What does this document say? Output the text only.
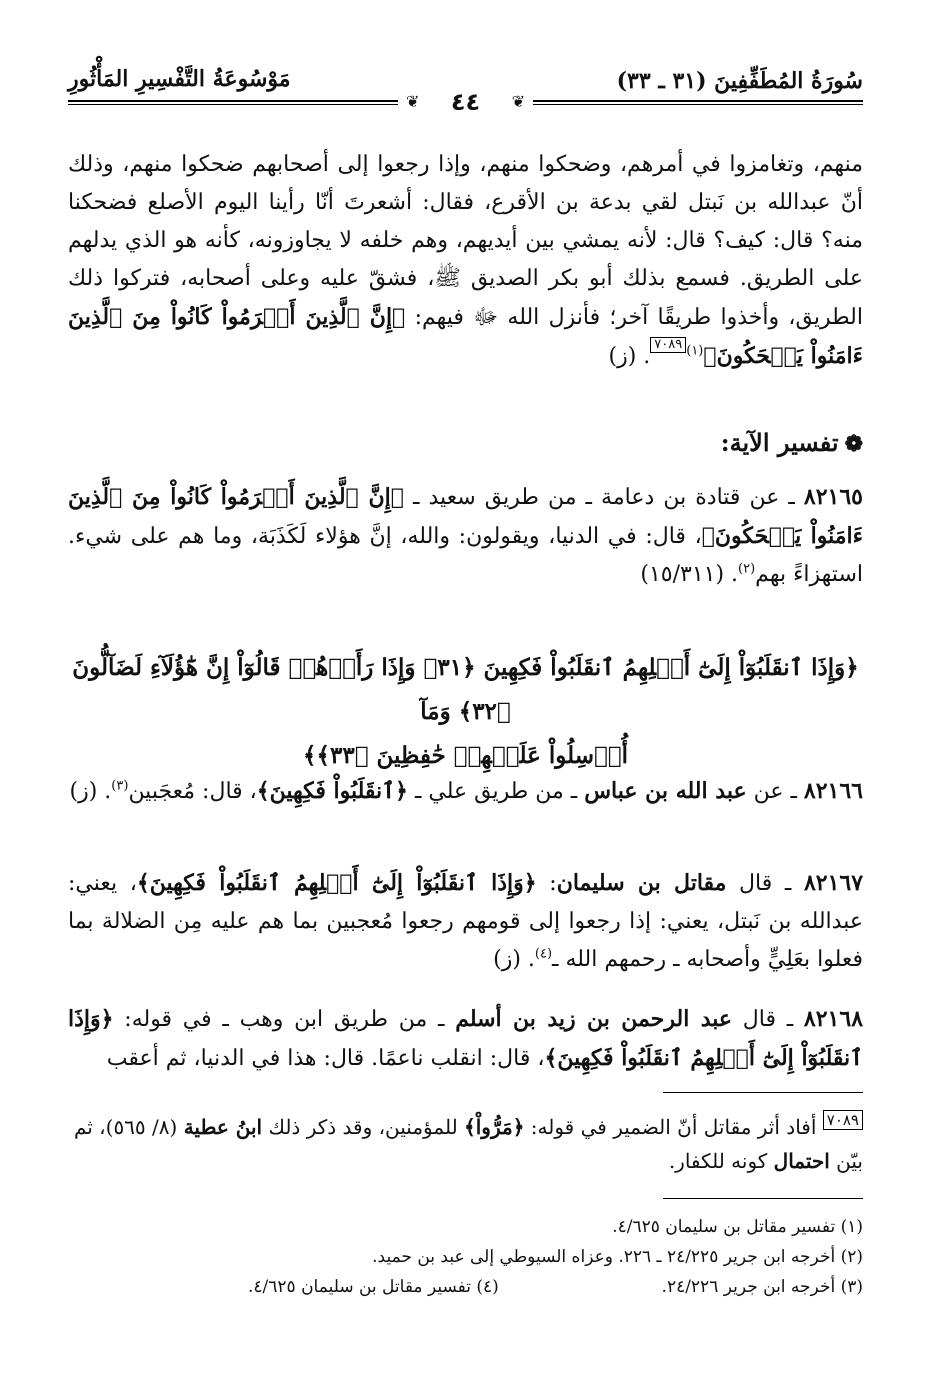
سُورَةُ المُطَفِّفِينَ (٣١ ـ ٣٣)
مَوْسُوعَةُ التَّفْسِيرِ المَأْثُورِ
❦
❦	٤٤

منهم، وتغامزوا في أمرهم، وضحكوا منهم، وإذا رجعوا إلى أصحابهم ضحكوا منهم، وذلك أنّ عبدالله بن نَبتل لقي بدعة بن الأقرع، فقال: أشعرتَ أنّا رأينا اليوم الأصلع فضحكنا منه؟ قال: كيف؟ قال: لأنه يمشي بين أيديهم، وهم خلفه لا يجاوزونه، كأنه هو الذي يدلهم على الطريق. فسمع بذلك أبو بكر الصديق ﷺ، فشقّ عليه وعلى أصحابه، فتركوا ذلك الطريق، وأخذوا طريقًا آخر؛ فأنزل الله ﷻ فيهم: ﴿إِنَّ ٱلَّذِينَ أَجۡرَمُواْ كَانُواْ مِنَ ٱلَّذِينَ ءَامَنُواْ يَضۡحَكُونَ﴾$^{(١)}$٧٠٨٩. (ز)

❁تفسير الآية:

٨٢١٦٥ ـ عن قتادة بن دعامة ـ من طريق سعيد ـ ﴿إِنَّ ٱلَّذِينَ أَجۡرَمُواْ كَانُواْ مِنَ ٱلَّذِينَ ءَامَنُواْ يَضۡحَكُونَ﴾، قال: في الدنيا، ويقولون: والله، إنَّ هؤلاء لَكَذَبَة، وما هم على شيء. استهزاءً بهم$^{(٢)}$. (١٥/٣١١)

﴿وَإِذَا ٱنقَلَبُوٓاْ إِلَىٰٓ أَهۡلِهِمُ ٱنقَلَبُواْ فَكِهِينَ ﴿٣١﴾ وَإِذَا رَأَوۡهُمۡ قَالُوٓاْ إِنَّ هَٰٓؤُلَآءِ لَضَآلُّونَ ﴿٣٢﴾ وَمَآ
أُرۡسِلُواْ عَلَيۡهِمۡ حَٰفِظِينَ ﴿٣٣﴾﴾

٨٢١٦٦ ـ عن عبد الله بن عباس ـ من طريق علي ـ ﴿ٱنقَلَبُواْ فَكِهِينَ﴾، قال: مُعجَبين$^{(٣)}$. (ز)

٨٢١٦٧ ـ قال مقاتل بن سليمان: ﴿وَإِذَا ٱنقَلَبُوٓاْ إِلَىٰٓ أَهۡلِهِمُ ٱنقَلَبُواْ فَكِهِينَ﴾، يعني: عبدالله بن نَبتل، يعني: إذا رجعوا إلى قومهم رجعوا مُعجبين بما هم عليه مِن الضلالة بما فعلوا بعَلِيٍّ وأصحابه ـ رحمهم الله ـ$^{(٤)}$. (ز)

٨٢١٦٨ ـ قال عبد الرحمن بن زيد بن أسلم ـ من طريق ابن وهب ـ في قوله: ﴿وَإِذَا ٱنقَلَبُوٓاْ إِلَىٰٓ أَهۡلِهِمُ ٱنقَلَبُواْ فَكِهِينَ﴾، قال: انقلب ناعمًا. قال: هذا في الدنيا، ثم أعقب

٧٠٨٩ أفاد أثر مقاتل أنّ الضمير في قوله: ﴿مَرُّواْ﴾ للمؤمنين، وقد ذكر ذلك ابنُ عطية (٨/ ٥٦٥)، ثم بيّن احتمال كونه للكفار.
(١) تفسير مقاتل بن سليمان ٤/٦٢٥.
(٢) أخرجه ابن جرير ٢٤/٢٢٥ ـ ٢٢٦. وعزاه السيوطي إلى عبد بن حميد.
(٣) أخرجه ابن جرير ٢٤/٢٢٦.
(٤) تفسير مقاتل بن سليمان ٤/٦٢٥.
